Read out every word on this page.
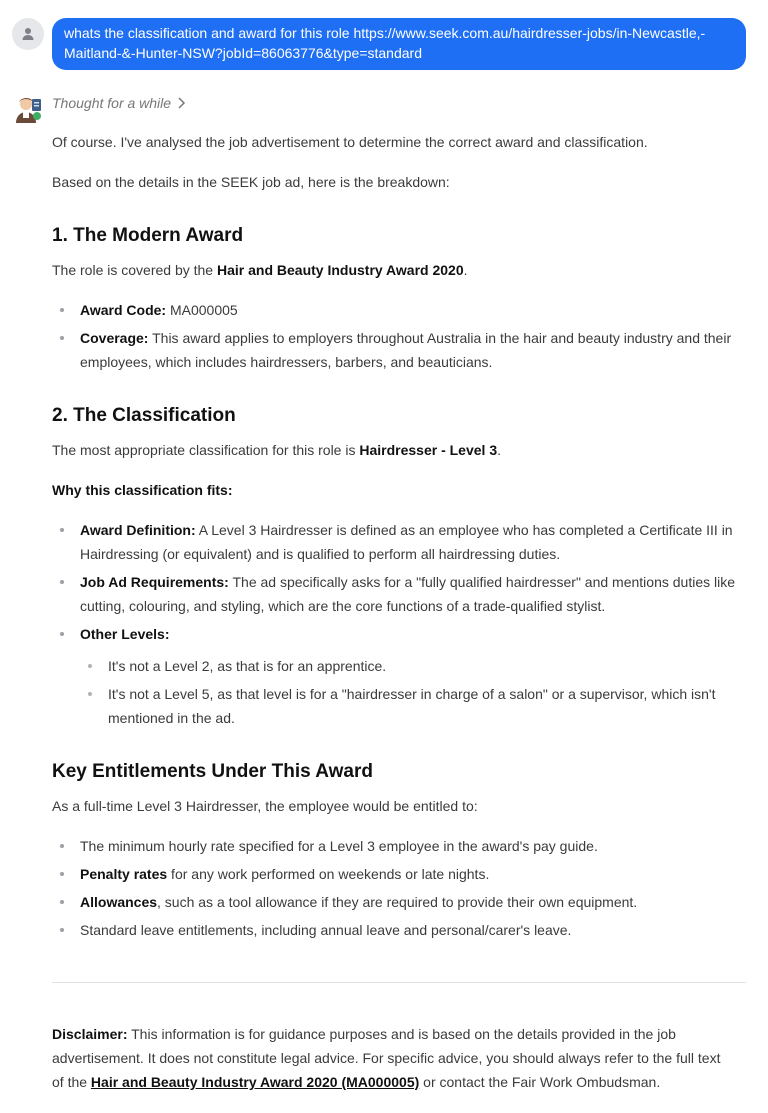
whats the classification and award for this role https://www.seek.com.au/hairdresser-jobs/in-Newcastle,-
Maitland-&-Hunter-NSW?jobId=86063776&type=standard
Thought for a while
Of course. I've analysed the job advertisement to determine the correct award and classification.
Based on the details in the SEEK job ad, here is the breakdown:
1. The Modern Award
The role is covered by the Hair and Beauty Industry Award 2020.
Award Code: MA000005
Coverage: This award applies to employers throughout Australia in the hair and beauty industry and their
employees, which includes hairdressers, barbers, and beauticians.
2. The Classification
The most appropriate classification for this role is Hairdresser - Level 3.
Why this classification fits:
Award Definition: A Level 3 Hairdresser is defined as an employee who has completed a Certificate III in
Hairdressing (or equivalent) and is qualified to perform all hairdressing duties.
Job Ad Requirements: The ad specifically asks for a "fully qualified hairdresser" and mentions duties like
cutting, colouring, and styling, which are the core functions of a trade-qualified stylist.
Other Levels:
It's not a Level 2, as that is for an apprentice.
It's not a Level 5, as that level is for a "hairdresser in charge of a salon" or a supervisor, which isn't
mentioned in the ad.
Key Entitlements Under This Award
As a full-time Level 3 Hairdresser, the employee would be entitled to:
The minimum hourly rate specified for a Level 3 employee in the award's pay guide.
Penalty rates for any work performed on weekends or late nights.
Allowances, such as a tool allowance if they are required to provide their own equipment.
Standard leave entitlements, including annual leave and personal/carer's leave.
Disclaimer: This information is for guidance purposes and is based on the details provided in the job
advertisement. It does not constitute legal advice. For specific advice, you should always refer to the full text
of the Hair and Beauty Industry Award 2020 (MA000005) or contact the Fair Work Ombudsman.
